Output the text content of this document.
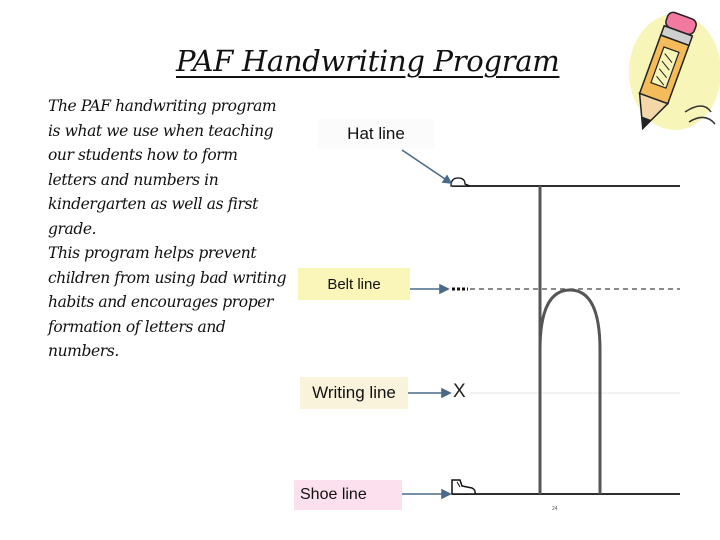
PAF Handwriting Program

The PAF handwriting program is what we use when teaching our students how to form letters and numbers in kindergarten as well as first grade.

This program helps prevent children from using bad writing habits and encourages proper formation of letters and numbers.

Hat line
Belt line
Writing line
Shoe line
X
24
